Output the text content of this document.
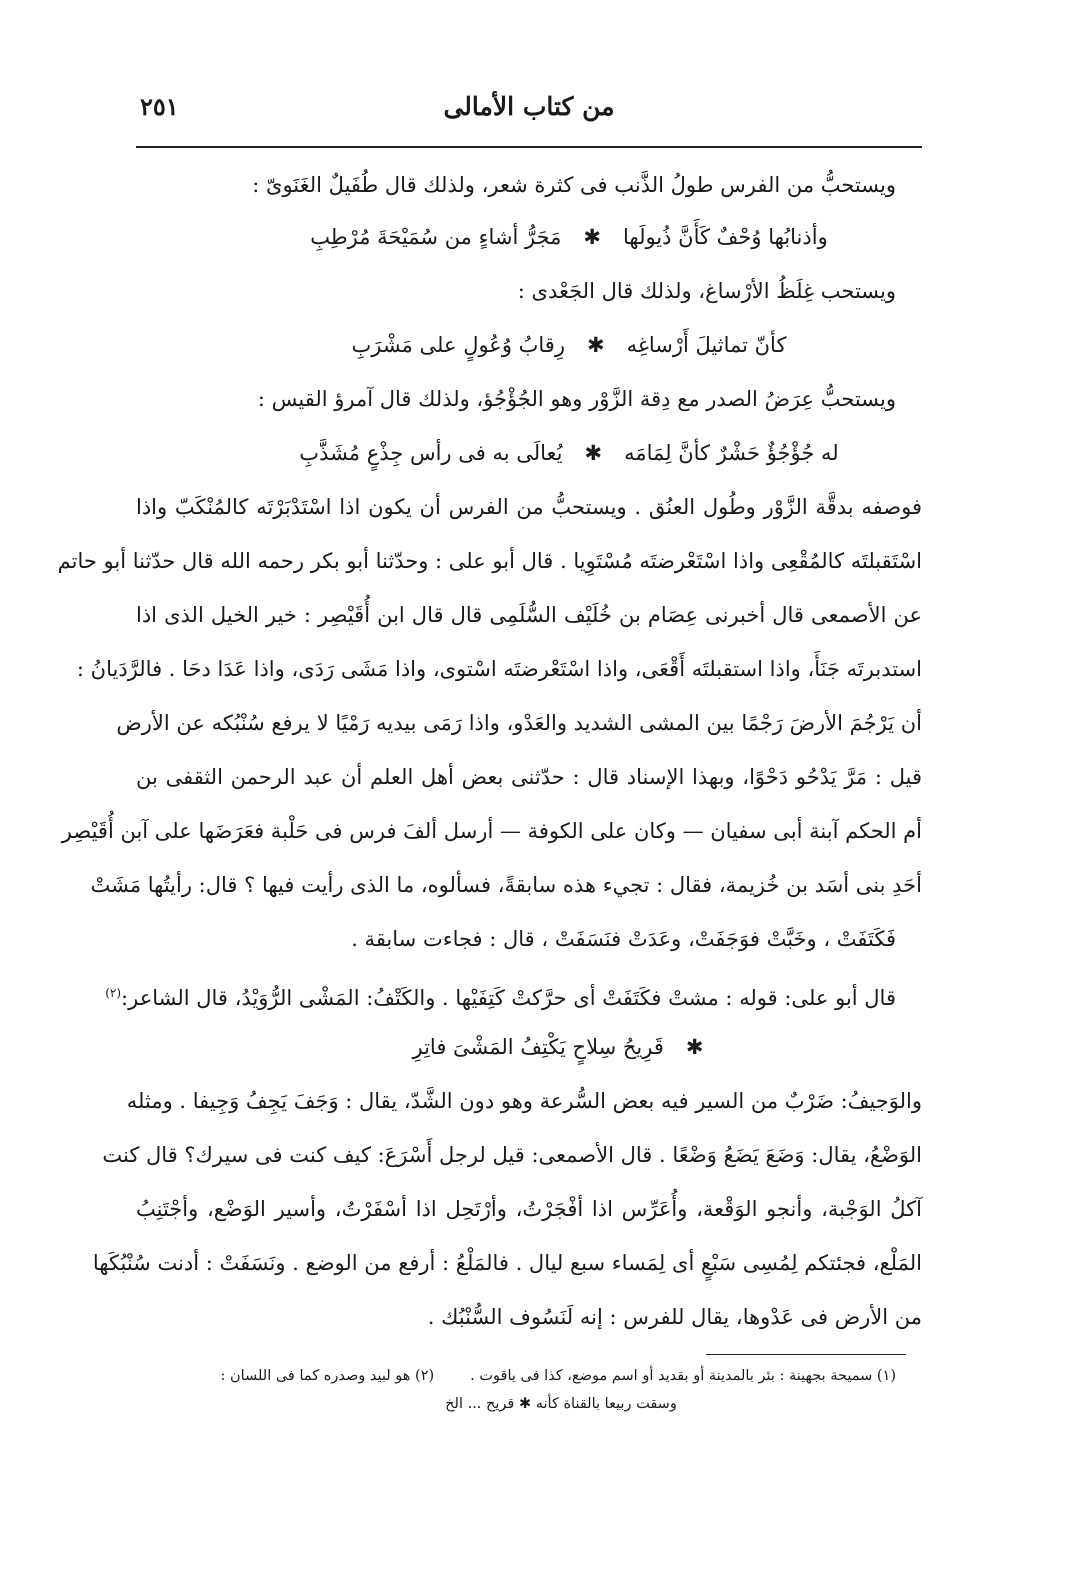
من كتاب الأمالى
٢٥١
ويستحبُّ من الفرس طولُ الذَّنب فى كثرة شعر، ولذلك قال طُفَيلٌ الغَنَوىّ :
وأذنابُها وُحْفٌ كَأَنَّ ذُيولَها✱مَجَرُّ أشاءٍ من سُمَيْحَةَ مُرْطِبِ
ويستحب غِلَظُ الأرْساغ، ولذلك قال الجَعْدى :
كأنّ تماثيلَ أَرْساغِه✱رِقابُ وُعُولٍ على مَشْرَبِ
ويستحبُّ عِرَضُ الصدر مع دِقة الزَّوْر وهو الجُؤْجُؤ، ولذلك قال آمرؤ القيس :
له جُؤْجُؤٌ حَشْرٌ كأنَّ لِمَامَه✱يُعالَى به فى رأس جِذْعٍ مُشَذَّبِ
فوصفه بدقَّة الزَّوْر وطُول العنُق . ويستحبُّ من الفرس أن يكون اذا اسْتَدْبَرْتَه كالمُنْكَبّ واذا
اسْتَقبلتَه كالمُقْعِى واذا اسْتَعْرضتَه مُسْتَوِيا . قال أبو على : وحدّثنا أبو بكر رحمه الله قال حدّثنا أبو حاتم
عن الأصمعى قال أخبرنى عِصَام بن خُلَيْف السُّلَمِى قال قال ابن أُقَيْصِر : خير الخيل الذى اذا
استدبرتَه جَنَأَ، واذا استقبلتَه أَقْعَى، واذا اسْتَعْرضتَه اسْتوى، واذا مَشَى رَدَى، واذا عَدَا دحَا . فالرَّدَيانُ :
أن يَرْجُمَ الأرضَ رَجْمًا بين المشى الشديد والعَدْو، واذا رَمَى بيديه رَمْيًا لا يرفع سُنْبُكه عن الأرض
قيل : مَرَّ يَدْحُو دَحْوًا، وبهذا الإسناد قال : حدّثنى بعض أهل العلم أن عبد الرحمن الثقفى بن
أم الحكم آبنة أبى سفيان — وكان على الكوفة — أرسل ألفَ فرس فى حَلْبة فعَرَضَها على آبن أُقَيْصِر
أحَدِ بنى أسَد بن خُزيمة، فقال : تجيء هذه سابقةً، فسألوه، ما الذى رأيت فيها ؟ قال: رأيتُها مَشَتْ
فَكَتَفَتْ ، وخَبَّتْ فوَجَفَتْ، وعَدَتْ فنَسَفَتْ ، قال : فجاءت سابقة .
قال أبو على: قوله : مشتْ فكَتَفَتْ أى حرَّكتْ كَتِفَيْها . والكَتْفُ: المَشْى الرُّوَيْدُ، قال الشاعر:$^{(٢)}$
✱قَرِيحُ سِلاحٍ يَكْتِفُ المَشْىَ فاتِرِ
والوَجيفُ: ضَرْبٌ من السير فيه بعض السُّرعة وهو دون الشَّدّ، يقال : وَجَفَ يَجِفُ وَجِيفا . ومثله
الوَضْعُ، يقال: وَضَعَ يَضَعُ وَضْعًا . قال الأصمعى: قيل لرجل أَسْرَعَ: كيف كنت فى سيرك؟ قال كنت
آكلُ الوَجْبة، وأنجو الوَقْعة، وأُعَرِّس اذا أفْجَرْتُ، وأرْتَحِل اذا أسْفَرْتُ، وأسير الوَضْع، وأجْتَنِبُ
المَلْع، فجئتكم لِمُسِى سَبْعٍ أى لِمَساء سبع ليال . فالمَلْعُ : أرفع من الوضع . ونَسَفَتْ : أدنت سُنْبُكَها
من الأرض فى عَدْوها، يقال للفرس : إنه لَنَسُوف السُّنْبُك .
(١) سميحة بجهينة : بئر بالمدينة أو بقديد أو اسم موضع، كذا فى ياقوت .(٢) هو لبيد وصدره كما فى اللسان :
وسقت ربيعا بالقناة كأنه ✱ قريح ... الخ
